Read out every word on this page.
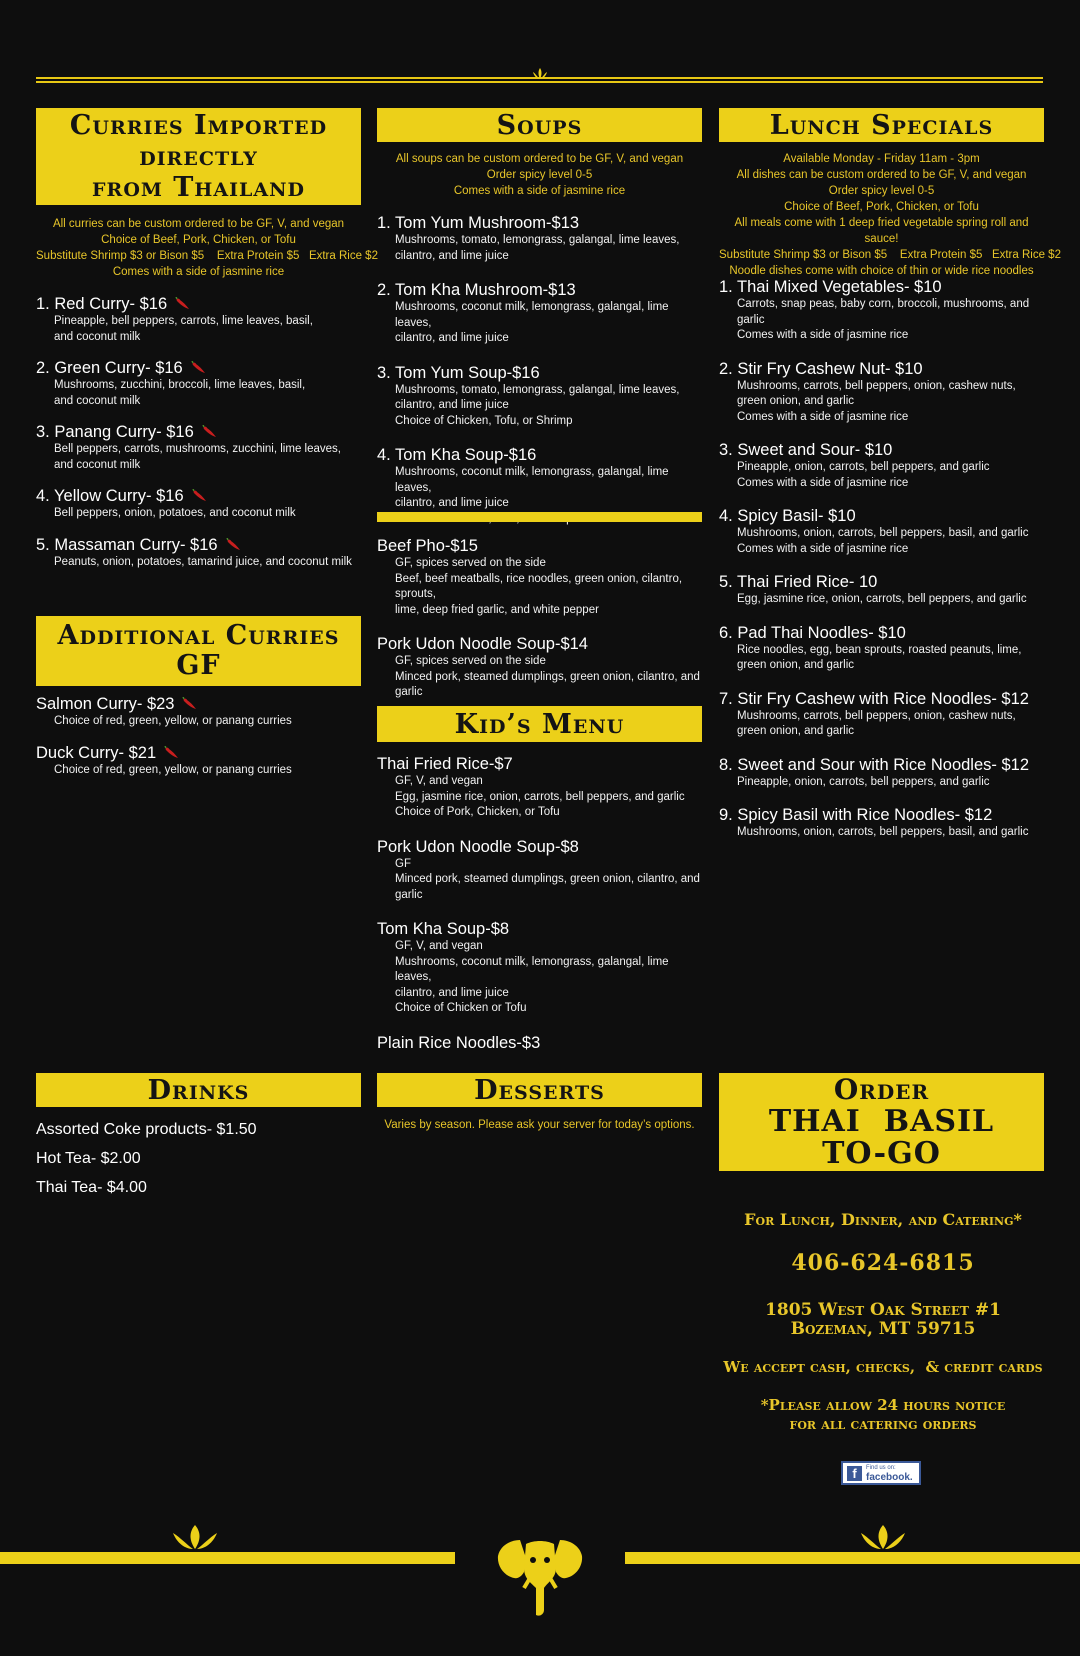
Curries Imported
directly
from Thailand
All curries can be custom ordered to be GF, V, and vegan
Choice of Beef, Pork, Chicken, or Tofu
Substitute Shrimp $3 or Bison $5    Extra Protein $5   Extra Rice $2
Comes with a side of jasmine rice
1. Red Curry- $16
Pineapple, bell peppers, carrots, lime leaves, basil,
and coconut milk
2. Green Curry- $16
Mushrooms, zucchini, broccoli, lime leaves, basil,
and coconut milk
3. Panang Curry- $16
Bell peppers, carrots, mushrooms, zucchini, lime leaves,
and coconut milk
4. Yellow Curry- $16
Bell peppers, onion, potatoes, and coconut milk
5. Massaman Curry- $16
Peanuts, onion, potatoes, tamarind juice, and coconut milk
Additional Curries
GF
Salmon Curry- $23
Choice of red, green, yellow, or panang curries
Duck Curry- $21
Choice of red, green, yellow, or panang curries
Soups
All soups can be custom ordered to be GF, V, and vegan
Order spicy level 0-5
Comes with a side of jasmine rice
1. Tom Yum Mushroom-$13
Mushrooms, tomato, lemongrass, galangal, lime leaves,
cilantro, and lime juice
2. Tom Kha Mushroom-$13
Mushrooms, coconut milk, lemongrass, galangal, lime leaves,
cilantro, and lime juice
3. Tom Yum Soup-$16
Mushrooms, tomato, lemongrass, galangal, lime leaves,
cilantro, and lime juice
Choice of Chicken, Tofu, or Shrimp
4. Tom Kha Soup-$16
Mushrooms, coconut milk, lemongrass, galangal, lime leaves,
cilantro, and lime juice

Beef Pho-$15
GF, spices served on the side
Beef, beef meatballs, rice noodles, green onion, cilantro, sprouts,
lime, deep fried garlic, and white pepper
Pork Udon Noodle Soup-$14
GF, spices served on the side
Minced pork, steamed dumplings, green onion, cilantro, and garlic
Kid’s Menu
Thai Fried Rice-$7
GF, V, and vegan
Egg, jasmine rice, onion, carrots, bell peppers, and garlic
Choice of Pork, Chicken, or Tofu
Pork Udon Noodle Soup-$8
GF
Minced pork, steamed dumplings, green onion, cilantro, and garlic
Tom Kha Soup-$8
GF, V, and vegan
Mushrooms, coconut milk, lemongrass, galangal, lime leaves,
cilantro, and lime juice
Choice of Chicken or Tofu
Plain Rice Noodles-$3
Lunch Specials
Available Monday - Friday 11am - 3pm
All dishes can be custom ordered to be GF, V, and vegan
Order spicy level 0-5
Choice of Beef, Pork, Chicken, or Tofu
All meals come with 1 deep fried vegetable spring roll and sauce!
Substitute Shrimp $3 or Bison $5    Extra Protein $5   Extra Rice $2
Noodle dishes come with choice of thin or wide rice noodles
1. Thai Mixed Vegetables- $10
Carrots, snap peas, baby corn, broccoli, mushrooms, and garlic
Comes with a side of jasmine rice
2. Stir Fry Cashew Nut- $10
Mushrooms, carrots, bell peppers, onion, cashew nuts,
green onion, and garlic
Comes with a side of jasmine rice
3. Sweet and Sour- $10
Pineapple, onion, carrots, bell peppers, and garlic
Comes with a side of jasmine rice
4. Spicy Basil- $10
Mushrooms, onion, carrots, bell peppers, basil, and garlic
Comes with a side of jasmine rice
5. Thai Fried Rice- 10
Egg, jasmine rice, onion, carrots, bell peppers, and garlic
6. Pad Thai Noodles- $10
Rice noodles, egg, bean sprouts, roasted peanuts, lime,
green onion, and garlic
7. Stir Fry Cashew with Rice Noodles- $12
Mushrooms, carrots, bell peppers, onion, cashew nuts,
green onion, and garlic
8. Sweet and Sour with Rice Noodles- $12
Pineapple, onion, carrots, bell peppers, and garlic
9. Spicy Basil with Rice Noodles- $12
Mushrooms, onion, carrots, bell peppers, basil, and garlic
Drinks
Assorted Coke products- $1.50
Hot Tea- $2.00
Thai Tea- $4.00
Desserts
Varies by season. Please ask your server for today’s options.
Order
THAI  BASIL
TO-GO
For Lunch, Dinner, and Catering*
406-624-6815
1805 West Oak Street #1
Bozeman, MT 59715
We accept cash, checks,  & credit cards
*Please allow 24 hours notice
for all catering orders
f	Find us on:
facebook.
